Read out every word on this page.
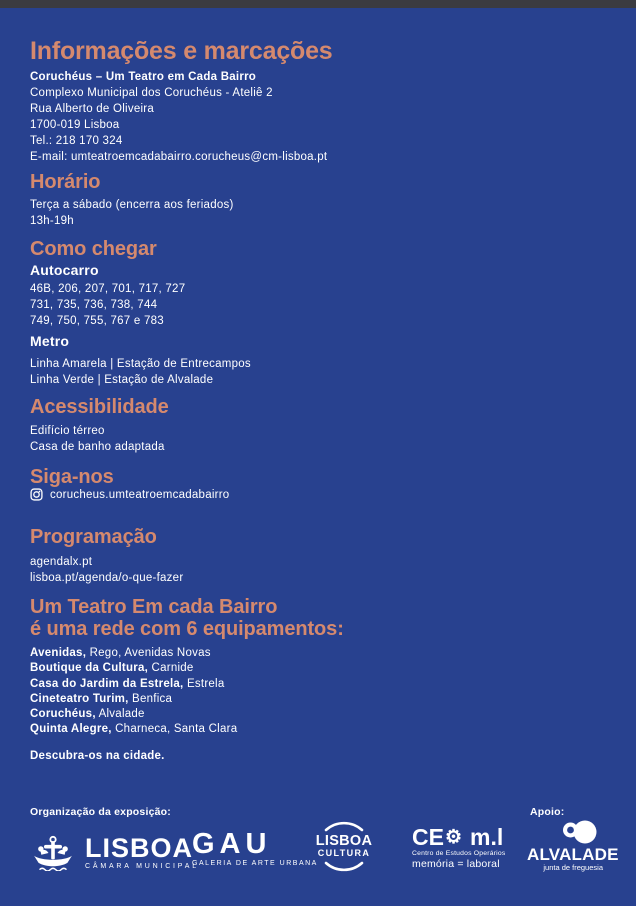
Informações e marcações
Coruchéus – Um Teatro em Cada Bairro
Complexo Municipal dos Coruchéus - Ateliê 2
Rua Alberto de Oliveira
1700-019 Lisboa
Tel.: 218 170 324
E-mail: umteatroemcadabairro.corucheus@cm-lisboa.pt
Horário
Terça a sábado (encerra aos feriados)
13h-19h
Como chegar
Autocarro
46B, 206, 207, 701, 717, 727
731, 735, 736, 738, 744
749, 750, 755, 767 e 783
Metro
Linha Amarela | Estação de Entrecampos
Linha Verde | Estação de Alvalade
Acessibilidade
Edifício térreo
Casa de banho adaptada
Siga-nos
corucheus.umteatroemcadabairro
Programação
agendalx.pt
lisboa.pt/agenda/o-que-fazer
Um Teatro Em cada Bairro
é uma rede com 6 equipamentos:
Avenidas, Rego, Avenidas Novas
Boutique da Cultura, Carnide
Casa do Jardim da Estrela, Estrela
Cineteatro Turim, Benfica
Coruchéus, Alvalade
Quinta Alegre, Charneca, Santa Clara
Descubra-os na cidade.
Organização da exposição:	Apoio:
LISBOA
CÂMARA MUNICIPAL
GAU
GALERIA DE ARTE URBANA
LISBOA
CULTURA
CE ⚙ m.l
Centro de Estudos Operários
memória = laboral	ALVALADE
junta de freguesia
